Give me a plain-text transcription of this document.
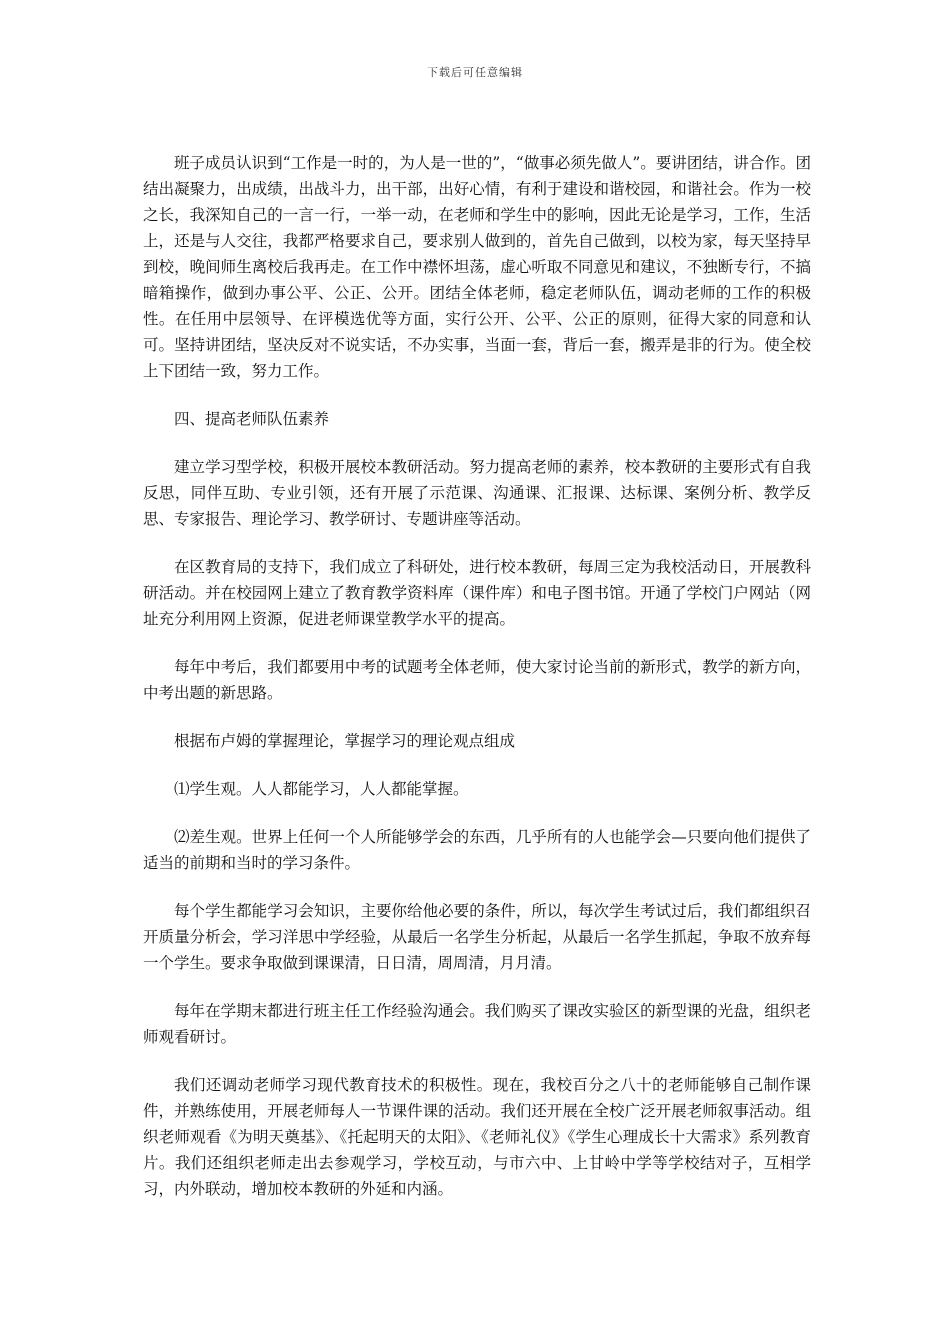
下载后可任意编辑

班子成员认识到“工作是一时的，为人是一世的”，“做事必须先做人”。要讲团结，讲合作。团结出凝聚力，出成绩，出战斗力，出干部，出好心情，有利于建设和谐校园，和谐社会。作为一校之长，我深知自己的一言一行，一举一动，在老师和学生中的影响，因此无论是学习，工作，生活上，还是与人交往，我都严格要求自己，要求别人做到的，首先自己做到，以校为家，每天坚持早到校，晚间师生离校后我再走。在工作中襟怀坦荡，虚心听取不同意见和建议，不独断专行，不搞暗箱操作，做到办事公平、公正、公开。团结全体老师，稳定老师队伍，调动老师的工作的积极性。在任用中层领导、在评模选优等方面，实行公开、公平、公正的原则，征得大家的同意和认可。坚持讲团结，坚决反对不说实话，不办实事，当面一套，背后一套，搬弄是非的行为。使全校上下团结一致，努力工作。

四、提高老师队伍素养

建立学习型学校，积极开展校本教研活动。努力提高老师的素养，校本教研的主要形式有自我反思，同伴互助、专业引领，还有开展了示范课、沟通课、汇报课、达标课、案例分析、教学反思、专家报告、理论学习、教学研讨、专题讲座等活动。

在区教育局的支持下，我们成立了科研处，进行校本教研，每周三定为我校活动日，开展教科研活动。并在校园网上建立了教育教学资料库（课件库）和电子图书馆。开通了学校门户网站（网址充分利用网上资源，促进老师课堂教学水平的提高。

每年中考后，我们都要用中考的试题考全体老师，使大家讨论当前的新形式，教学的新方向，中考出题的新思路。

根据布卢姆的掌握理论，掌握学习的理论观点组成

⑴学生观。人人都能学习，人人都能掌握。

⑵差生观。世界上任何一个人所能够学会的东西，几乎所有的人也能学会—只要向他们提供了适当的前期和当时的学习条件。

每个学生都能学习会知识，主要你给他必要的条件，所以，每次学生考试过后，我们都组织召开质量分析会，学习洋思中学经验，从最后一名学生分析起，从最后一名学生抓起，争取不放弃每一个学生。要求争取做到课课清，日日清，周周清，月月清。

每年在学期末都进行班主任工作经验沟通会。我们购买了课改实验区的新型课的光盘，组织老师观看研讨。

我们还调动老师学习现代教育技术的积极性。现在，我校百分之八十的老师能够自己制作课件，并熟练使用，开展老师每人一节课件课的活动。我们还开展在全校广泛开展老师叙事活动。组织老师观看《为明天奠基》、《托起明天的太阳》、《老师礼仪》《学生心理成长十大需求》系列教育片。我们还组织老师走出去参观学习，学校互动，与市六中、上甘岭中学等学校结对子，互相学习，内外联动，增加校本教研的外延和内涵。
